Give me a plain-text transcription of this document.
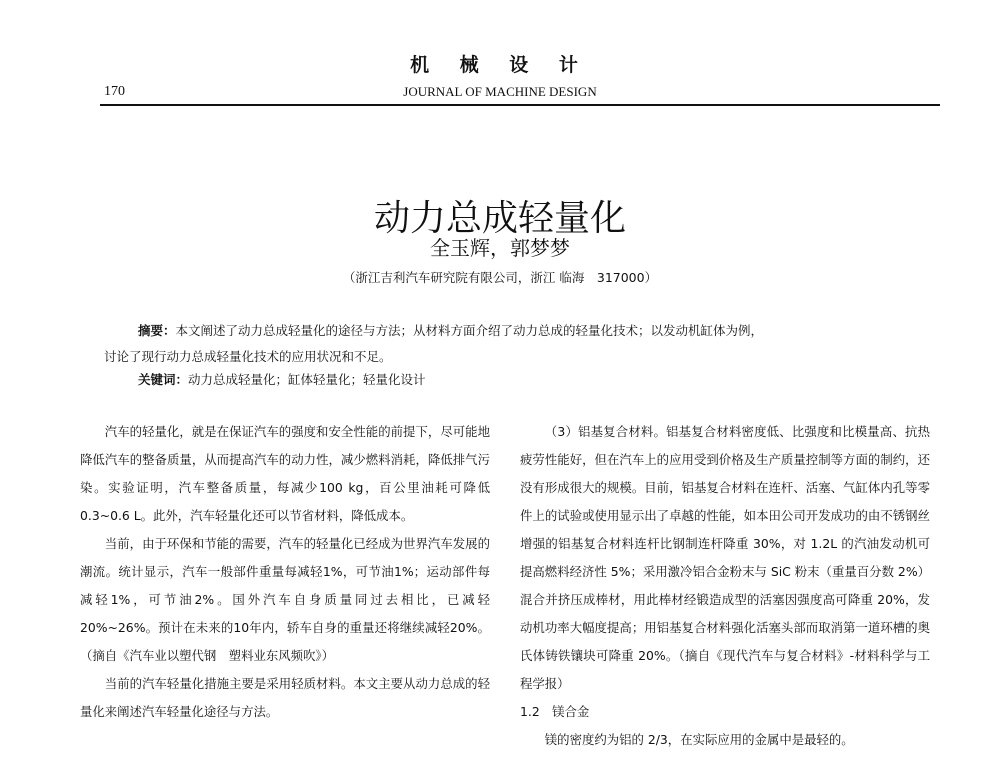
机 械 设 计
170	JOURNAL OF MACHINE DESIGN
动力总成轻量化
全玉辉，郭梦梦
（浙江吉利汽车研究院有限公司，浙江 临海　317000）
摘要：本文阐述了动力总成轻量化的途径与方法；从材料方面介绍了动力总成的轻量化技术；以发动机缸体为例，
讨论了现行动力总成轻量化技术的应用状况和不足。
关键词：动力总成轻量化；缸体轻量化；轻量化设计

汽车的轻量化，就是在保证汽车的强度和安全性能的前提下，尽可能地降低汽车的整备质量，从而提高汽车的动力性，减少燃料消耗，降低排气污染。实验证明，汽车整备质量，每减少100 kg，百公里油耗可降低0.3~0.6 L。此外，汽车轻量化还可以节省材料，降低成本。

当前，由于环保和节能的需要，汽车的轻量化已经成为世界汽车发展的潮流。统计显示，汽车一般部件重量每减轻1%，可节油1%；运动部件每减轻1%，可节油2%。国外汽车自身质量同过去相比，已减轻20%~26%。预计在未来的10年内，轿车自身的重量还将继续减轻20%。（摘自《汽车业以塑代钢　塑料业东风频吹》）

当前的汽车轻量化措施主要是采用轻质材料。本文主要从动力总成的轻量化来阐述汽车轻量化途径与方法。

（3）铝基复合材料。铝基复合材料密度低、比强度和比模量高、抗热疲劳性能好，但在汽车上的应用受到价格及生产质量控制等方面的制约，还没有形成很大的规模。目前，铝基复合材料在连杆、活塞、气缸体内孔等零件上的试验或使用显示出了卓越的性能，如本田公司开发成功的由不锈钢丝增强的铝基复合材料连杆比钢制连杆降重 30%，对 1.2L 的汽油发动机可提高燃料经济性 5%；采用激冷铝合金粉末与 SiC 粉末（重量百分数 2%）混合并挤压成棒材，用此棒材经锻造成型的活塞因强度高可降重 20%，发动机功率大幅度提高；用铝基复合材料强化活塞头部而取消第一道环槽的奥氏体铸铁镶块可降重 20%。（摘自《现代汽车与复合材料》-材料科学与工程学报）

1.2　镁合金

镁的密度约为铝的 2/3，在实际应用的金属中是最轻的。
